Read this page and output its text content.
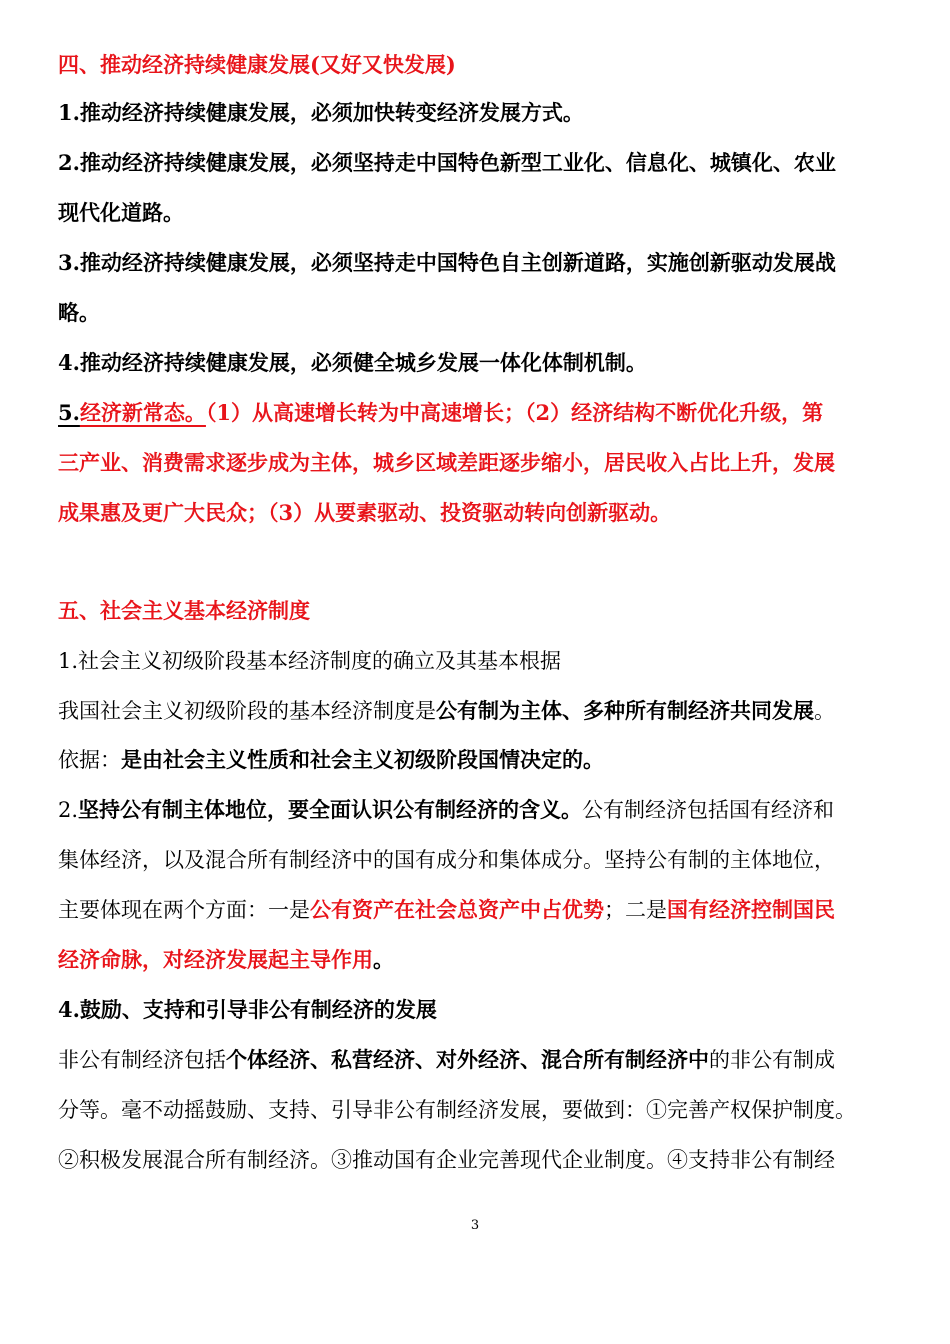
四、推动经济持续健康发展(又好又快发展)
1.推动经济持续健康发展，必须加快转变经济发展方式。
2.推动经济持续健康发展，必须坚持走中国特色新型工业化、信息化、城镇化、农业
现代化道路。
3.推动经济持续健康发展，必须坚持走中国特色自主创新道路，实施创新驱动发展战
略。
4.推动经济持续健康发展，必须健全城乡发展一体化体制机制。
5.经济新常态。（1）从高速增长转为中高速增长；（2）经济结构不断优化升级，第
三产业、消费需求逐步成为主体，城乡区域差距逐步缩小，居民收入占比上升，发展
成果惠及更广大民众；（3）从要素驱动、投资驱动转向创新驱动。
五、社会主义基本经济制度
1.社会主义初级阶段基本经济制度的确立及其基本根据
我国社会主义初级阶段的基本经济制度是公有制为主体、多种所有制经济共同发展。
依据：是由社会主义性质和社会主义初级阶段国情决定的。
2.坚持公有制主体地位，要全面认识公有制经济的含义。公有制经济包括国有经济和
集体经济，以及混合所有制经济中的国有成分和集体成分。坚持公有制的主体地位，
主要体现在两个方面：一是公有资产在社会总资产中占优势；二是国有经济控制国民
经济命脉，对经济发展起主导作用。
4.鼓励、支持和引导非公有制经济的发展
非公有制经济包括个体经济、私营经济、对外经济、混合所有制经济中的非公有制成
分等。毫不动摇鼓励、支持、引导非公有制经济发展，要做到：①完善产权保护制度。
②积极发展混合所有制经济。③推动国有企业完善现代企业制度。④支持非公有制经
3
